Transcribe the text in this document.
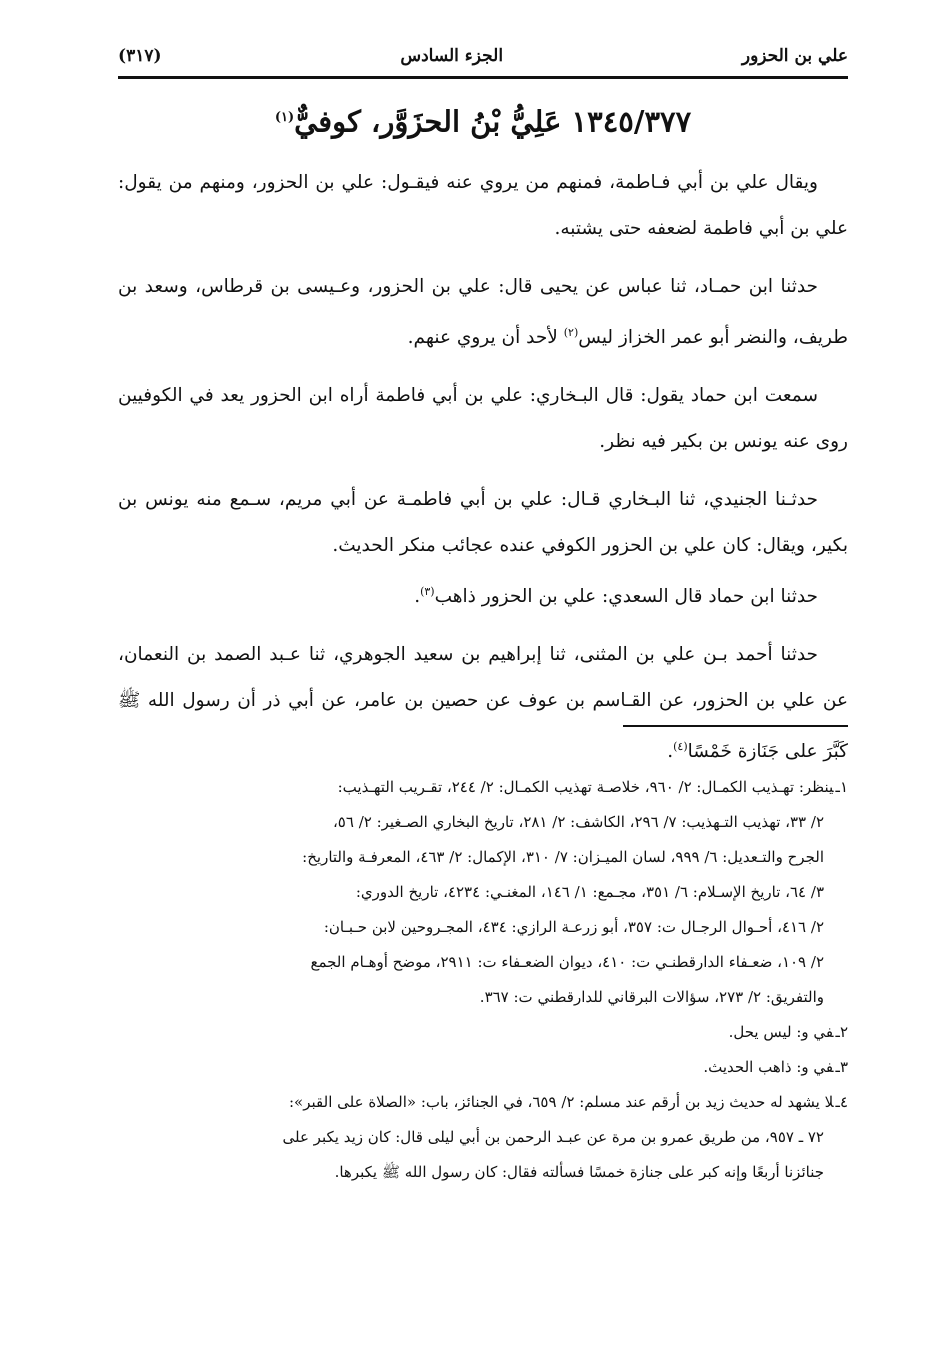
علي بن الحزور
الجزء السادس
(٣١٧)
١٣٤٥/٣٧٧ عَلِيُّ بْنُ الحزَوَّر، كوفيٌّ$^{(١)}$

ويقال علي بن أبي فـاطمة، فمنهم من يروي عنه فيقـول: علي بن الحزور، ومنهم من يقول: علي بن أبي فاطمة لضعفه حتى يشتبه.

حدثنا ابن حمـاد، ثنا عباس عن يحيى قال: علي بن الحزور، وعـيسى بن قرطاس، وسعد بن طريف، والنضر أبو عمر الخزاز ليس$^{(٢)}$ لأحد أن يروي عنهم.

سمعت ابن حماد يقول: قال البـخاري: علي بن أبي فاطمة أراه ابن الحزور يعد في الكوفيين روى عنه يونس بن بكير فيه نظر.

حدثـنا الجنيدي، ثنا البـخاري قـال: علي بن أبي فاطمـة عن أبي مريم، سـمع منه يونس بن بكير، ويقال: كان علي بن الحزور الكوفي عنده عجائب منكر الحديث.

حدثنا ابن حماد قال السعدي: علي بن الحزور ذاهب$^{(٣)}$.

حدثنا أحمد بـن علي بن المثنى، ثنا إبراهيم بن سعيد الجوهري، ثنا عـبد الصمد بن النعمان، عن علي بن الحزور، عن القـاسم بن عوف عن حصين بن عامر، عن أبي ذر أن رسول الله ﷺ كَبَّرَ على جَنَازة خَمْسًا$^{(٤)}$.

١ـينظر: تهـذيب الكمـال: ٢/ ٩٦٠، خلاصـة تهذيب الكمـال: ٢/ ٢٤٤، تقـريب التهـذيب:

٢/ ٣٣، تهذيب التـهذيب: ٧/ ٢٩٦، الكاشف: ٢/ ٢٨١، تاريخ البخاري الصـغير: ٢/ ٥٦،

الجرح والتـعديل: ٦/ ٩٩٩، لسان الميـزان: ٧/ ٣١٠، الإكمال: ٢/ ٤٦٣، المعرفـة والتاريخ:

٣/ ٦٤، تاريخ الإسـلام: ٦/ ٣٥١، مجـمع: ١/ ١٤٦، المغنـي: ٤٢٣٤، تاريخ الدوري:

٢/ ٤١٦، أحـوال الرجـال ت: ٣٥٧، أبو زرعـة الرازي: ٤٣٤، المجـروحين لابن حـبـان:

٢/ ١٠٩، ضعـفاء الدارقطنـي ت: ٤١٠، ديوان الضعـفاء ت: ٢٩١١، موضح أوهـام الجمع

والتفريق: ٢/ ٢٧٣، سؤالات البرقاني للدارقطني ت: ٣٦٧.

٢ـفي و: ليس يحل.

٣ـفي و: ذاهب الحديث.

٤ـلا يشهد له حديث زيد بن أرقم عند مسلم: ٢/ ٦٥٩، في الجنائز، باب: «الصلاة على القبر»:

٧٢ ـ ٩٥٧، من طريق عمرو بن مرة عن عبـد الرحمن بن أبي ليلى قال: كان زيد يكبر على

جنائزنا أربعًا وإنه كبر على جنازة خمسًا فسألته فقال: كان رسول الله ﷺ يكبرها.
